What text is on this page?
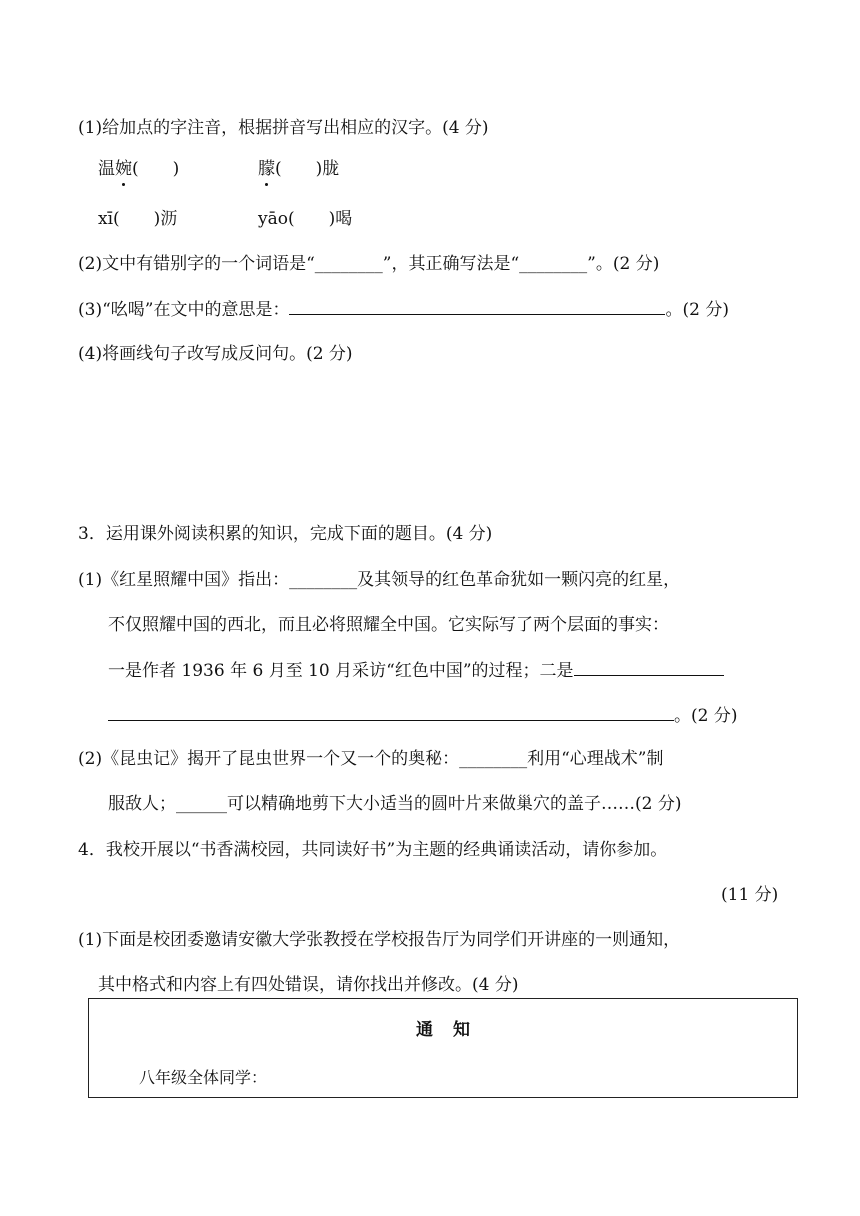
(1)给加点的字注音，根据拼音写出相应的汉字。(4 分)
温婉(　　)	朦(　　)胧
xī(　　)沥	yāo(　　)喝
(2)文中有错别字的一个词语是“________”，其正确写法是“________”。(2 分)
(3)“吆喝”在文中的意思是：	。(2 分)
(4)将画线句子改写成反问句。(2 分)
3．运用课外阅读积累的知识，完成下面的题目。(4 分)
(1)《红星照耀中国》指出：________及其领导的红色革命犹如一颗闪亮的红星，
不仅照耀中国的西北，而且必将照耀全中国。它实际写了两个层面的事实：
一是作者 1936 年 6 月至 10 月采访“红色中国”的过程；二是
。(2 分)
(2)《昆虫记》揭开了昆虫世界一个又一个的奥秘：________利用“心理战术”制
服敌人；______可以精确地剪下大小适当的圆叶片来做巢穴的盖子……(2 分)
4．我校开展以“书香满校园，共同读好书”为主题的经典诵读活动，请你参加。
(11 分)
(1)下面是校团委邀请安徽大学张教授在学校报告厅为同学们开讲座的一则通知，
其中格式和内容上有四处错误，请你找出并修改。(4 分)
通知
八年级全体同学：
